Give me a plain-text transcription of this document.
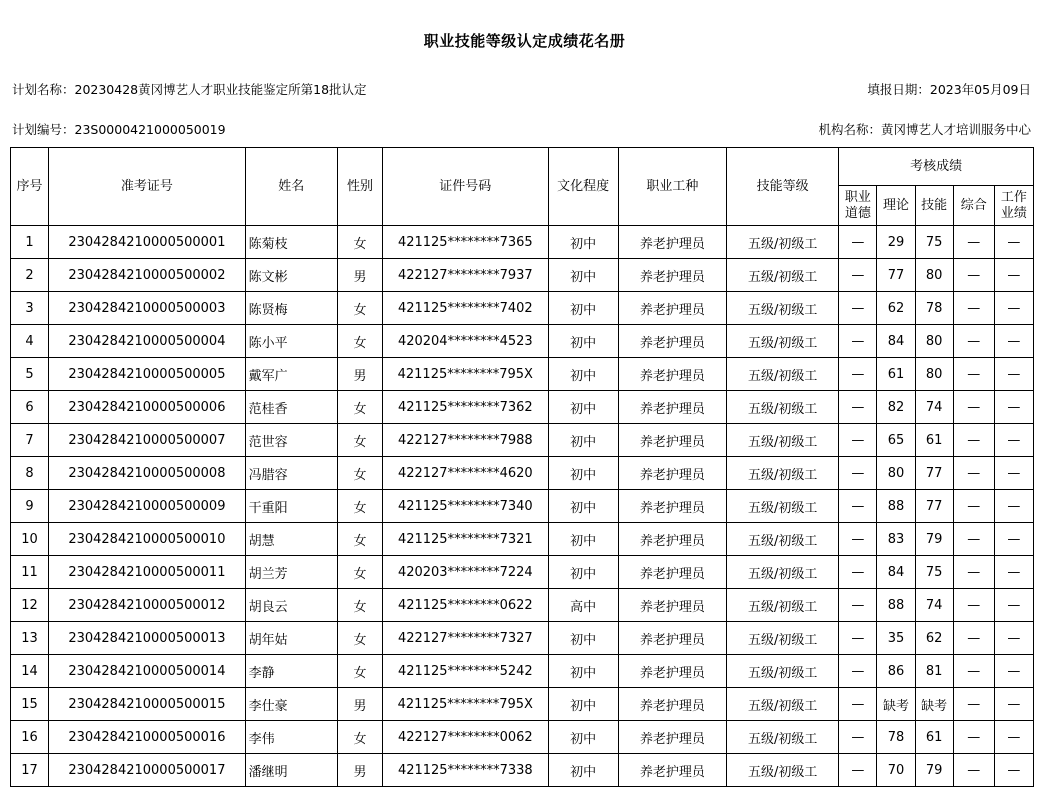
职业技能等级认定成绩花名册
计划名称：20230428黄冈博艺人才职业技能鉴定所第18批认定	填报日期：2023年05月09日
计划编号：23S000042100005001​9	机构名称：黄冈博艺人才培训服务中心
序号	准考证号	姓名	性别	证件号码	文化程度	职业工种	技能等级	考核成绩				
								职业道德	理论	技能	综合	工作业绩
1	2304284210000500001	陈菊枝	女	421125********7365	初中	养老护理员	五级/初级工	—	29	75	—	—
2	2304284210000500002	陈文彬	男	422127********7937	初中	养老护理员	五级/初级工	—	77	80	—	—
3	2304284210000500003	陈贤梅	女	421125********7402	初中	养老护理员	五级/初级工	—	62	78	—	—
4	2304284210000500004	陈小平	女	420204********4523	初中	养老护理员	五级/初级工	—	84	80	—	—
5	2304284210000500005	戴军广	男	421125********795X	初中	养老护理员	五级/初级工	—	61	80	—	—
6	2304284210000500006	范桂香	女	421125********7362	初中	养老护理员	五级/初级工	—	82	74	—	—
7	2304284210000500007	范世容	女	422127********7988	初中	养老护理员	五级/初级工	—	65	61	—	—
8	2304284210000500008	冯腊容	女	422127********4620	初中	养老护理员	五级/初级工	—	80	77	—	—
9	2304284210000500009	干重阳	女	421125********7340	初中	养老护理员	五级/初级工	—	88	77	—	—
10	2304284210000500010	胡慧	女	421125********7321	初中	养老护理员	五级/初级工	—	83	79	—	—
11	2304284210000500011	胡兰芳	女	420203********7224	初中	养老护理员	五级/初级工	—	84	75	—	—
12	2304284210000500012	胡良云	女	421125********0622	高中	养老护理员	五级/初级工	—	88	74	—	—
13	2304284210000500013	胡年姑	女	422127********7327	初中	养老护理员	五级/初级工	—	35	62	—	—
14	2304284210000500014	李静	女	421125********5242	初中	养老护理员	五级/初级工	—	86	81	—	—
15	2304284210000500015	李仕豪	男	421125********795X	初中	养老护理员	五级/初级工	—	缺考	缺考	—	—
16	2304284210000500016	李伟	女	422127********0062	初中	养老护理员	五级/初级工	—	78	61	—	—
17	2304284210000500017	潘继明	男	421125********7338	初中	养老护理员	五级/初级工	—	70	79	—	—
